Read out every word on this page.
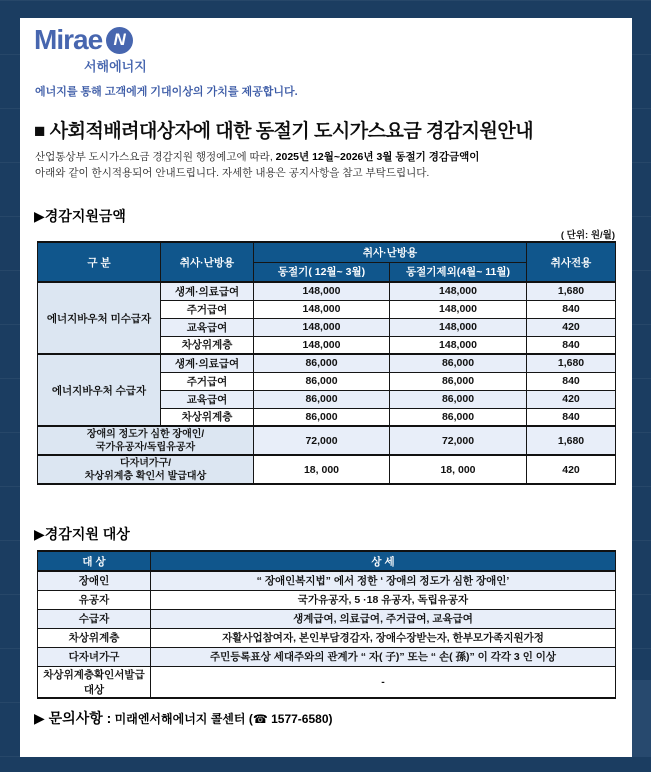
Mirae N
서해에너지
에너지를 통해 고객에게 기대이상의 가치를 제공합니다.
■ 사회적배려대상자에 대한 동절기 도시가스요금 경감지원안내
산업통상부 도시가스요금 경감지원 행정예고에 따라, 2025년 12월~2026년 3월 동절기 경감금액이
아래와 같이 한시적용되어 안내드립니다. 자세한 내용은 공지사항을 참고 부탁드립니다.
▶경감지원금액
( 단위: 원/월)
구 분	취사·난방용	취사·난방용		취사전용
		동절기( 12월~ 3월)	동절기제외(4월~ 11월)	
에너지바우처 미수급자	생계·의료급여	148,000	148,000	1,680
	주거급여	148,000	148,000	840
	교육급여	148,000	148,000	420
	차상위계층	148,000	148,000	840
에너지바우처 수급자	생계·의료급여	86,000	86,000	1,680
	주거급여	86,000	86,000	840
	교육급여	86,000	86,000	420
	차상위계층	86,000	86,000	840

장애의 정도가 심한 장애인/
국가유공자/독립유공자		72,000	72,000	1,680

다자녀가구/
차상위계층 확인서 발급대상		18, 000	18, 000	420
▶경감지원 대상
대 상	상 세
장애인	“ 장애인복지법” 에서 정한 ‘ 장애의 정도가 심한 장애인’
유공자	국가유공자, 5 ·18 유공자, 독립유공자
수급자	생계급여, 의료급여, 주거급여, 교육급여
차상위계층	자활사업참여자, 본인부담경감자, 장애수장받는자, 한부모가족지원가정
다자녀가구	주민등록표상 세대주와의 관계가 “ 자( 子)” 또는 “ 손( 孫)” 이 각각 3 인 이상
차상위계층확인서발급대상	-
▶ 문의사항 : 미래엔서해에너지 콜센터 (☎ 1577-6580)
